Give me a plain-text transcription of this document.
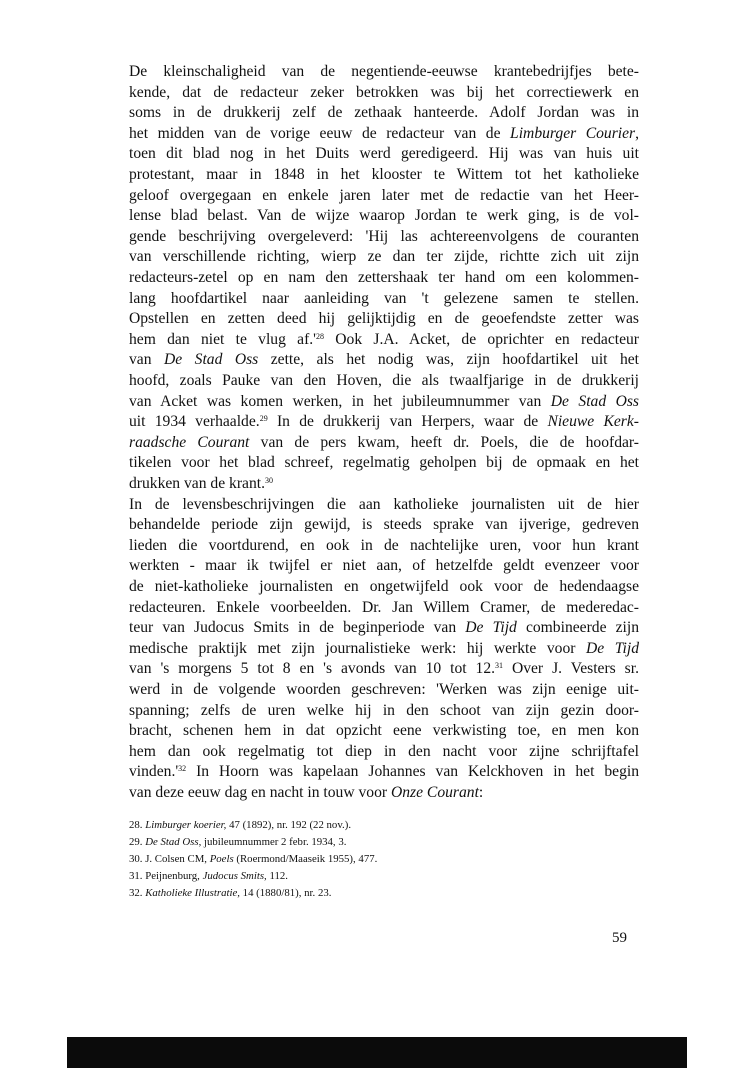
De kleinschaligheid van de negentiende-eeuwse krantebedrijfjes bete-
kende, dat de redacteur zeker betrokken was bij het correctiewerk en
soms in de drukkerij zelf de zethaak hanteerde. Adolf Jordan was in
het midden van de vorige eeuw de redacteur van de Limburger Courier,
toen dit blad nog in het Duits werd geredigeerd. Hij was van huis uit
protestant, maar in 1848 in het klooster te Wittem tot het katholieke
geloof overgegaan en enkele jaren later met de redactie van het Heer-
lense blad belast. Van de wijze waarop Jordan te werk ging, is de vol-
gende beschrijving overgeleverd: 'Hij las achtereenvolgens de couranten
van verschillende richting, wierp ze dan ter zijde, richtte zich uit zijn
redacteurs-zetel op en nam den zettershaak ter hand om een kolommen-
lang hoofdartikel naar aanleiding van 't gelezene samen te stellen.
Opstellen en zetten deed hij gelijktijdig en de geoefendste zetter was
hem dan niet te vlug $af.'^{28}$ Ook J.A. Acket, de oprichter en redacteur
van De Stad Oss zette, als het nodig was, zijn hoofdartikel uit het
hoofd, zoals Pauke van den Hoven, die als twaalfjarige in de drukkerij
van Acket was komen werken, in het jubileumnummer van De Stad Oss
uit 1934 verhaalde.$^{29}$ In de drukkerij van Herpers, waar de Nieuwe Kerk-
raadsche Courant van de pers kwam, heeft dr. Poels, die de hoofdar-
tikelen voor het blad schreef, regelmatig geholpen bij de opmaak en het
drukken van de krant.$^{30}$
In de levensbeschrijvingen die aan katholieke journalisten uit de hier
behandelde periode zijn gewijd, is steeds sprake van ijverige, gedreven
lieden die voortdurend, en ook in de nachtelijke uren, voor hun krant
werkten - maar ik twijfel er niet aan, of hetzelfde geldt evenzeer voor
de niet-katholieke journalisten en ongetwijfeld ook voor de hedendaagse
redacteuren. Enkele voorbeelden. Dr. Jan Willem Cramer, de mederedac-
teur van Judocus Smits in de beginperiode van De Tijd combineerde zijn
medische praktijk met zijn journalistieke werk: hij werkte voor De Tijd
van 's morgens 5 tot 8 en 's avonds van 10 tot 12.31 Over J. Vesters sr.
werd in de volgende woorden geschreven: 'Werken was zijn eenige uit-
spanning; zelfs de uren welke hij in den schoot van zijn gezin door-
bracht, schenen hem in dat opzicht eene verkwisting toe, en men kon
hem dan ook regelmatig tot diep in den nacht voor zijne schrijftafel
$vinden.'^{32}$ In Hoorn was kapelaan Johannes van Kelckhoven in het begin
van deze eeuw dag en nacht in touw voor Onze Courant:
28. Limburger koerier, 47 (1892), nr. 192 (22 nov.).
29. De Stad Oss, jubileumnummer 2 febr. 1934, 3.
30. J. Colsen CM, Poels (Roermond/Maaseik 1955), 477.
31. Peijnenburg, Judocus Smits, 112.
32. Katholieke Illustratie, 14 (1880/81), nr. 23.
59
